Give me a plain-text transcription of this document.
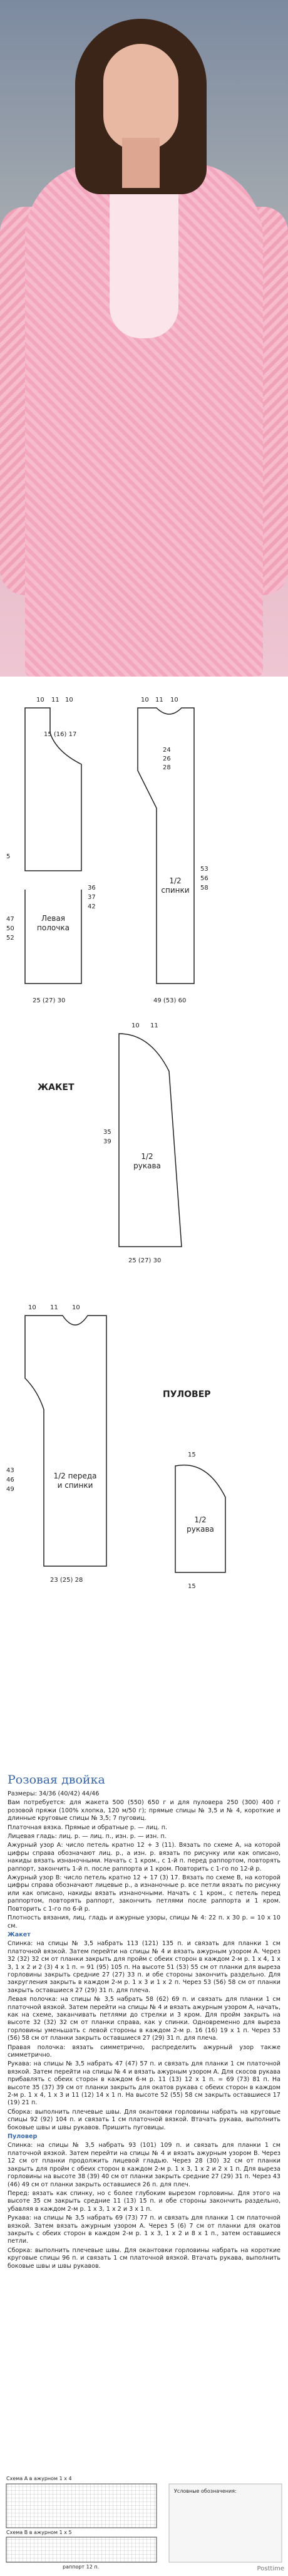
10 11 10
15 (16) 17
5
47
50
52
25 (27) 30
36
37
42
Левая
полочка
10 11 10
24
26
28
53
56
58
49 (53) 60
1/2
спинки
ЖАКЕТ
10 11
35
39
25 (27) 30
1/2
рукава
ПУЛОВЕР
10 11 10
43
46
49
23 (25) 28
1/2 переда
и спинки
15
15
1/2
рукава
Розовая двойка

Размеры: 34/36 (40/42) 44/46

Вам потребуется: для жакета 500 (550) 650 г и для пуловера 250 (300) 400 г розовой пряжи (100% хлопка, 120 м/50 г); прямые спицы № 3,5 и № 4, короткие и длинные круговые спицы № 3,5; 7 пуговиц.

Платочная вязка. Прямые и обратные р. — лиц. п.

Лицевая гладь: лиц. р. — лиц. п., изн. р. — изн. п.

Ажурный узор А: число петель кратно 12 + 3 (11). Вязать по схеме А, на которой цифры справа обозначают лиц. р., а изн. р. вязать по рисунку или как описано, накиды вязать изнаночными. Начать с 1 кром., с 1-й п. перед раппортом, повторять раппорт, закончить 1-й п. после раппорта и 1 кром. Повторить с 1-го по 12-й р.

Ажурный узор В: число петель кратно 12 + 17 (3) 17. Вязать по схеме В, на которой цифры справа обозначают лицевые р., а изнаночные р. все петли вязать по рисунку или как описано, накиды вязать изнаночными. Начать с 1 кром., с петель перед раппортом, повторять раппорт, закончить петлями после раппорта и 1 кром. Повторить с 1-го по 6-й р.

Плотность вязания, лиц. гладь и ажурные узоры, спицы № 4: 22 п. х 30 р. = 10 х 10 см.

Жакет

Спинка: на спицы № 3,5 набрать 113 (121) 135 п. и связать для планки 1 см платочной вязкой. Затем перейти на спицы № 4 и вязать ажурным узором А. Через 32 (32) 32 см от планки закрыть для пройм с обеих сторон в каждом 2-м р. 1 х 4, 1 х 3, 1 х 2 и 2 (3) 4 х 1 п. = 91 (95) 105 п. На высоте 51 (53) 55 см от планки для выреза горловины закрыть средние 27 (27) 33 п. и обе стороны закончить раздельно. Для закругления закрыть в каждом 2-м р. 1 х 3 и 1 х 2 п. Через 53 (56) 58 см от планки закрыть оставшиеся 27 (29) 31 п. для плеча.

Левая полочка: на спицы № 3,5 набрать 58 (62) 69 п. и связать для планки 1 см платочной вязкой. Затем перейти на спицы № 4 и вязать ажурным узором А, начать, как на схеме, заканчивать петлями до стрелки и 3 кром. Для пройм закрыть на высоте 32 (32) 32 см от планки справа, как у спинки. Одновременно для выреза горловины уменьшать с левой стороны в каждом 2-м р. 16 (16) 19 х 1 п. Через 53 (56) 58 см от планки закрыть оставшиеся 27 (29) 31 п. для плеча.

Правая полочка: вязать симметрично, распределить ажурный узор также симметрично.

Рукава: на спицы № 3,5 набрать 47 (47) 57 п. и связать для планки 1 см платочной вязкой. Затем перейти на спицы № 4 и вязать ажурным узором А. Для скосов рукава прибавлять с обеих сторон в каждом 6-м р. 11 (13) 12 х 1 п. = 69 (73) 81 п. На высоте 35 (37) 39 см от планки закрыть для окатов рукава с обеих сторон в каждом 2-м р. 1 х 4, 1 х 3 и 11 (12) 14 х 1 п. На высоте 52 (55) 58 см закрыть оставшиеся 17 (19) 21 п.

Сборка: выполнить плечевые швы. Для окантовки горловины набрать на круговые спицы 92 (92) 104 п. и связать 1 см платочной вязкой. Втачать рукава, выполнить боковые швы и швы рукавов. Пришить пуговицы.

Пуловер

Спинка: на спицы № 3,5 набрать 93 (101) 109 п. и связать для планки 1 см платочной вязкой. Затем перейти на спицы № 4 и вязать ажурным узором В. Через 12 см от планки продолжить лицевой гладью. Через 28 (30) 32 см от планки закрыть для пройм с обеих сторон в каждом 2-м р. 1 х 3, 1 х 2 и 2 х 1 п. Для выреза горловины на высоте 38 (39) 40 см от планки закрыть средние 27 (29) 31 п. Через 43 (46) 49 см от планки закрыть оставшиеся 26 п. для плеч.

Перед: вязать как спинку, но с более глубоким вырезом горловины. Для этого на высоте 35 см закрыть средние 11 (13) 15 п. и обе стороны закончить раздельно, убавляя в каждом 2-м р. 1 х 3, 1 х 2 и 3 х 1 п.

Рукава: на спицы № 3,5 набрать 69 (73) 77 п. и связать для планки 1 см платочной вязкой. Затем вязать ажурным узором А. Через 5 (6) 7 см от планки для окатов закрыть с обеих сторон в каждом 2-м р. 1 х 3, 1 х 2 и 8 х 1 п., затем оставшиеся петли.

Сборка: выполнить плечевые швы. Для окантовки горловины набрать на короткие круговые спицы 96 п. и связать 1 см платочной вязкой. Втачать рукава, выполнить боковые швы и швы рукавов.

Схема А в ажурном 1 х 4
Схема В в ажурном 1 х 5
Условные обозначения:
раппорт 12 п.	Posttime
